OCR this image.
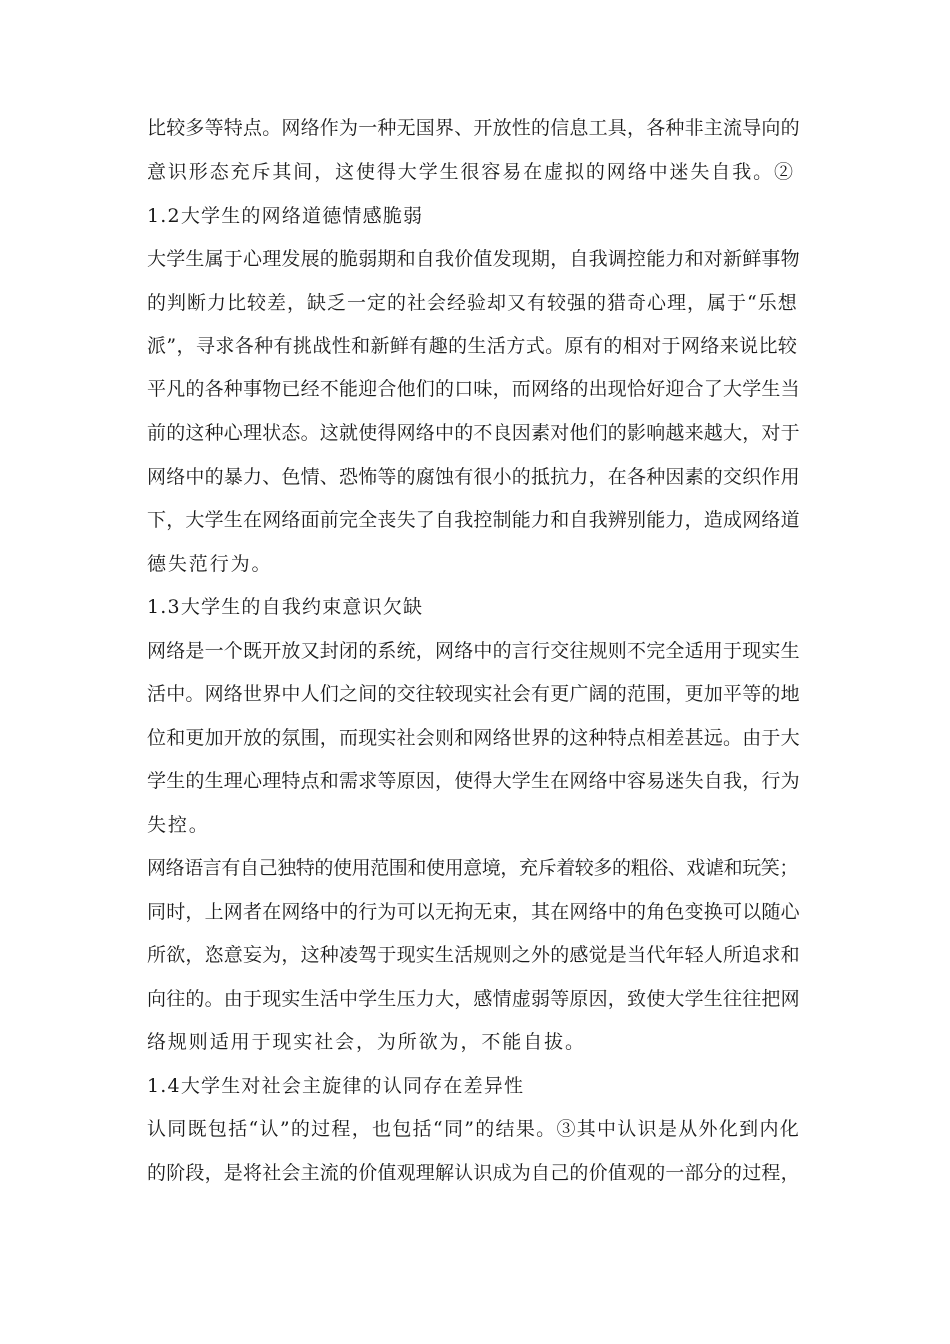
比较多等特点。网络作为一种无国界、开放性的信息工具，各种非主流导向的
意识形态充斥其间，这使得大学生很容易在虚拟的网络中迷失自我。②
1.2大学生的网络道德情感脆弱
大学生属于心理发展的脆弱期和自我价值发现期，自我调控能力和对新鲜事物
的判断力比较差，缺乏一定的社会经验却又有较强的猎奇心理，属于“乐想
派”，寻求各种有挑战性和新鲜有趣的生活方式。原有的相对于网络来说比较
平凡的各种事物已经不能迎合他们的口味，而网络的出现恰好迎合了大学生当
前的这种心理状态。这就使得网络中的不良因素对他们的影响越来越大，对于
网络中的暴力、色情、恐怖等的腐蚀有很小的抵抗力，在各种因素的交织作用
下，大学生在网络面前完全丧失了自我控制能力和自我辨别能力，造成网络道
德失范行为。
1.3大学生的自我约束意识欠缺
网络是一个既开放又封闭的系统，网络中的言行交往规则不完全适用于现实生
活中。网络世界中人们之间的交往较现实社会有更广阔的范围，更加平等的地
位和更加开放的氛围，而现实社会则和网络世界的这种特点相差甚远。由于大
学生的生理心理特点和需求等原因，使得大学生在网络中容易迷失自我，行为
失控。
网络语言有自己独特的使用范围和使用意境，充斥着较多的粗俗、戏谑和玩笑；
同时，上网者在网络中的行为可以无拘无束，其在网络中的角色变换可以随心
所欲，恣意妄为，这种凌驾于现实生活规则之外的感觉是当代年轻人所追求和
向往的。由于现实生活中学生压力大，感情虚弱等原因，致使大学生往往把网
络规则适用于现实社会，为所欲为，不能自拔。
1.4大学生对社会主旋律的认同存在差异性
认同既包括“认”的过程，也包括“同”的结果。③其中认识是从外化到内化
的阶段，是将社会主流的价值观理解认识成为自己的价值观的一部分的过程，
